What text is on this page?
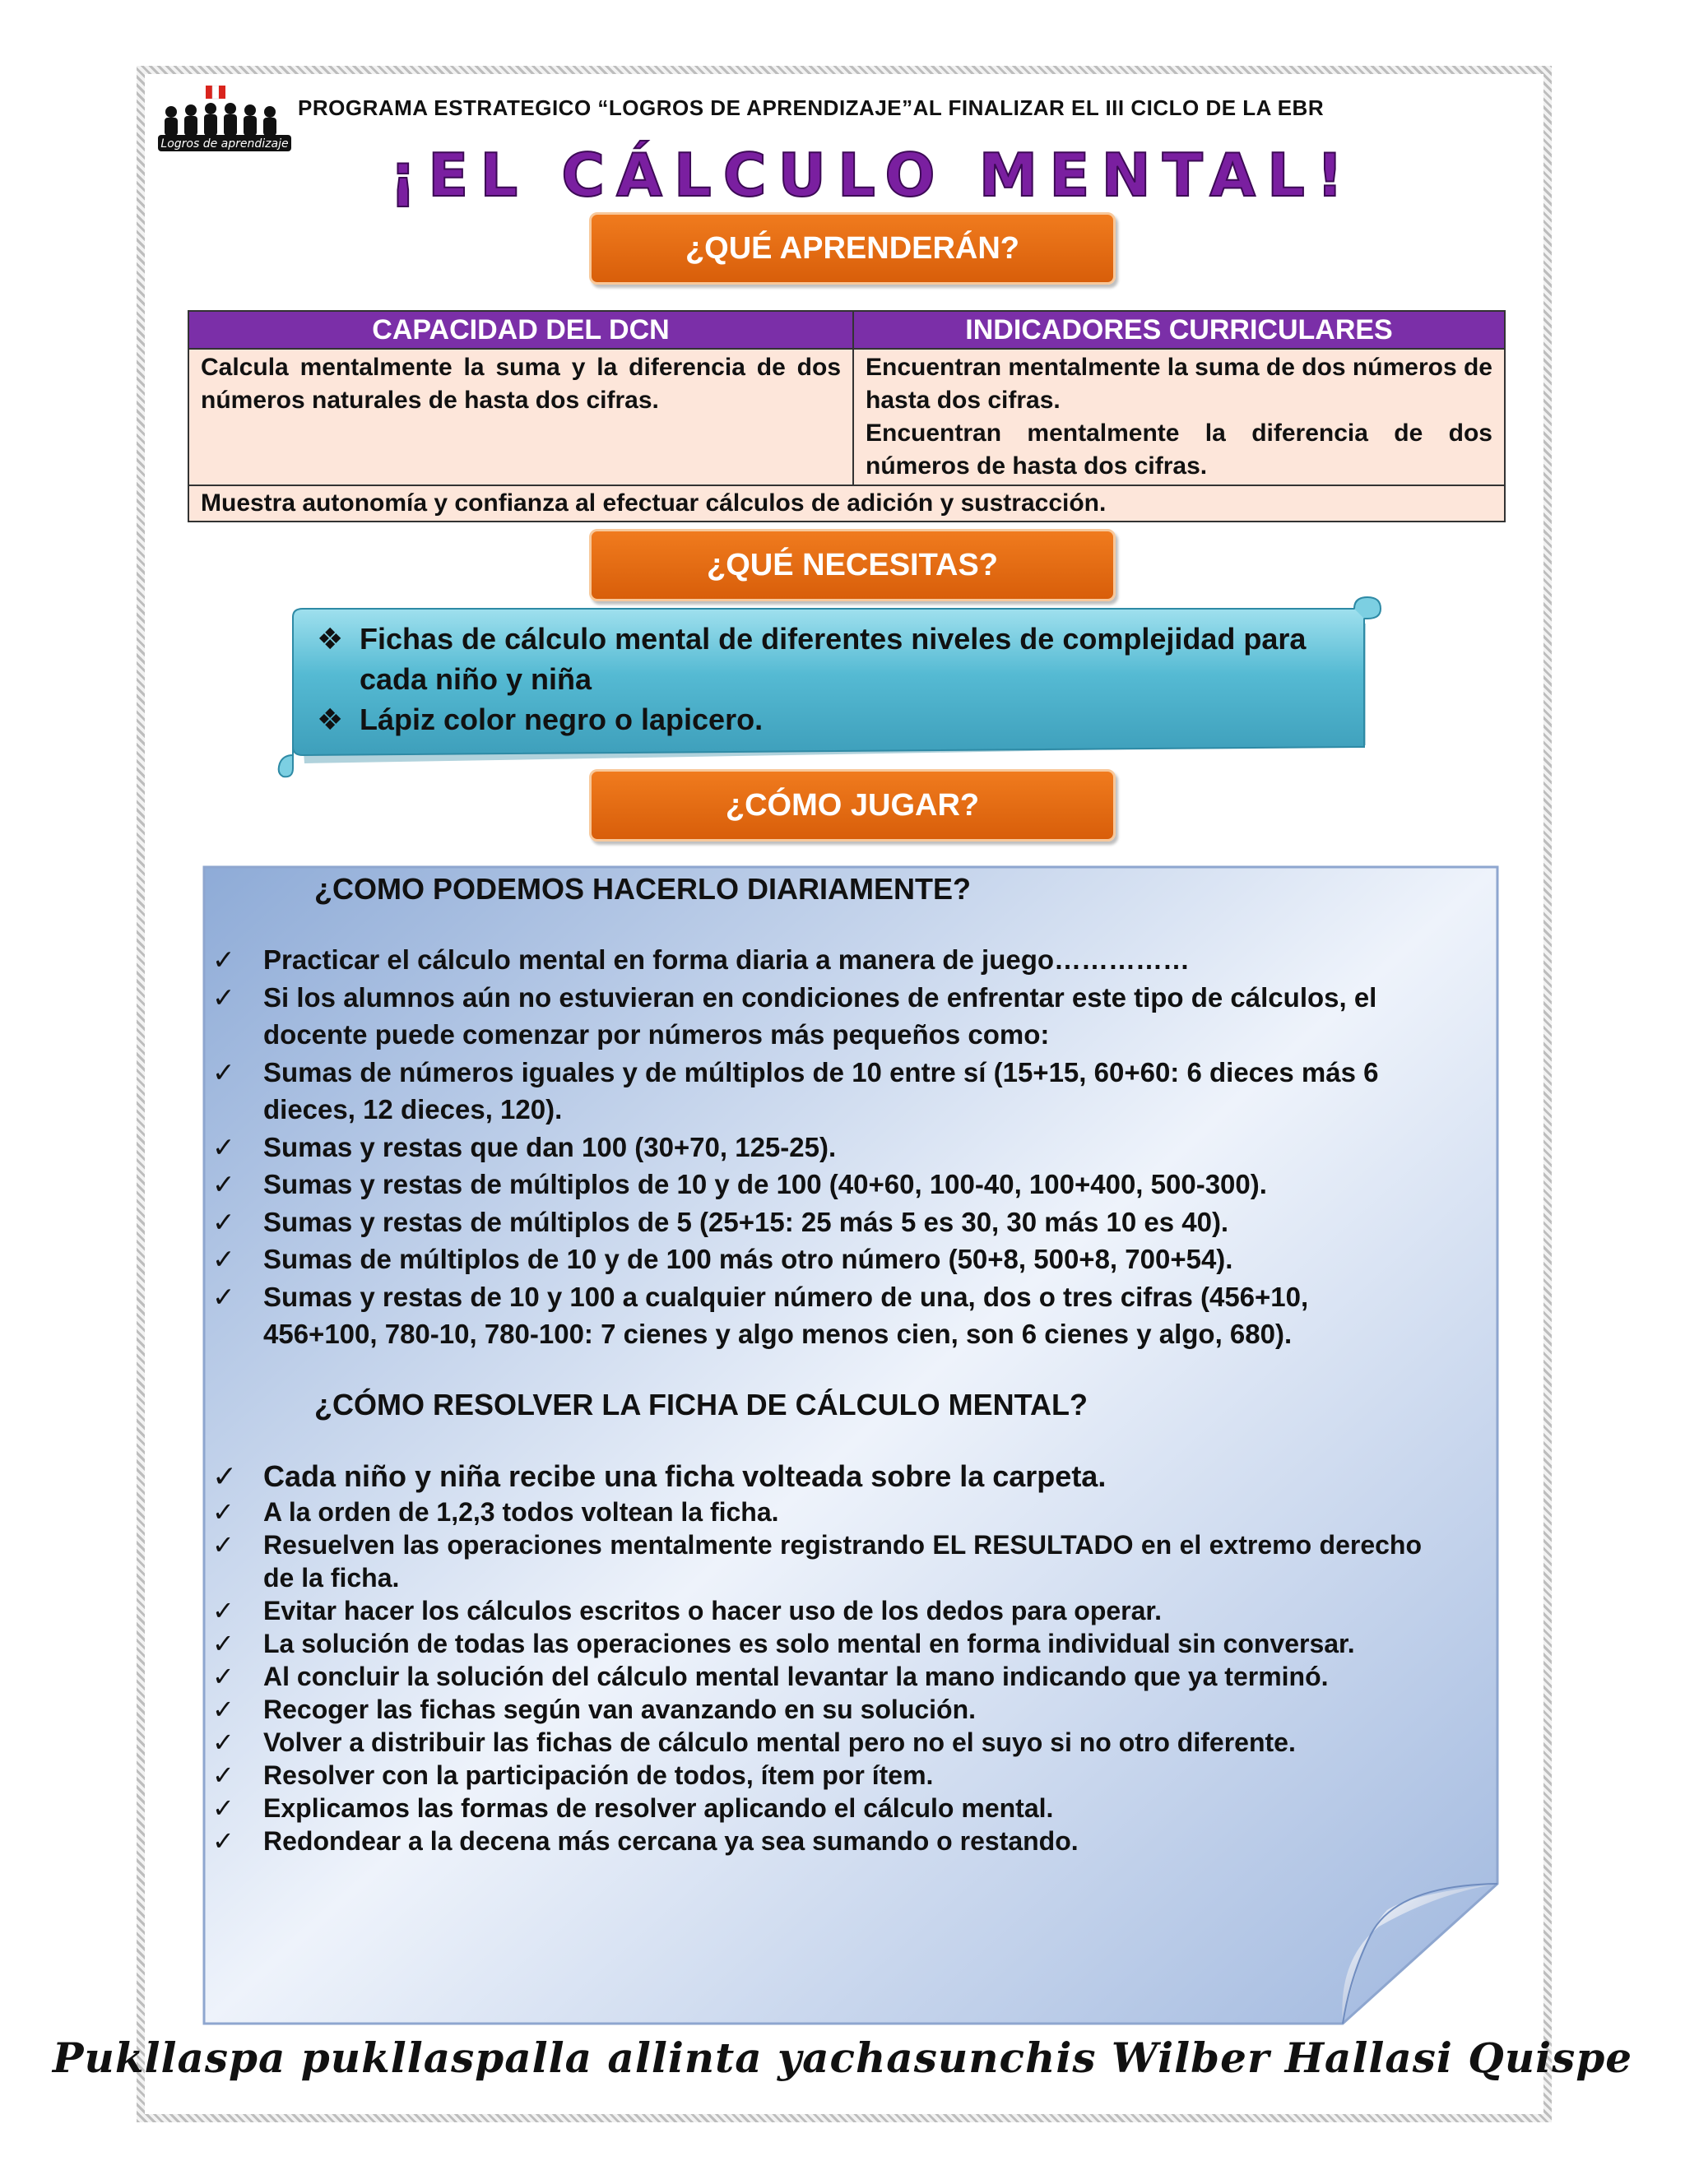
Logros de aprendizaje
PROGRAMA ESTRATEGICO “LOGROS DE APRENDIZAJE”AL FINALIZAR EL III CICLO DE LA EBR
¡EL CÁLCULO MENTAL!
¿QUÉ APRENDERÁN?
CAPACIDAD DEL DCN	INDICADORES CURRICULARES
Calcula mentalmente la suma y la diferencia de dos números naturales de hasta dos cifras.	Encuentran mentalmente la suma de dos números de hasta dos cifras.
Encuentran mentalmente la diferencia de dos números de hasta dos cifras.

Muestra autonomía y confianza al efectuar cálculos de adición y sustracción.	
¿QUÉ NECESITAS?
❖ Fichas de cálculo mental de diferentes niveles de complejidad para cada niño y niña
❖ Lápiz color negro o lapicero.
¿CÓMO JUGAR?
¿COMO PODEMOS HACERLO DIARIAMENTE?
✓ Practicar el cálculo mental en forma diaria a manera de juego……………
✓ Si los alumnos aún no estuvieran en condiciones de enfrentar este tipo de cálculos, el docente puede comenzar por números más pequeños como:
✓ Sumas de números iguales y de múltiplos de 10 entre sí (15+15, 60+60: 6 dieces más 6 dieces, 12 dieces, 120).
✓ Sumas y restas que dan 100 (30+70, 125-25).
✓ Sumas y restas de múltiplos de 10 y de 100 (40+60, 100-40, 100+400, 500-300).
✓ Sumas y restas de múltiplos de 5 (25+15: 25 más 5 es 30, 30 más 10 es 40).
✓ Sumas de múltiplos de 10 y de 100 más otro número (50+8, 500+8, 700+54).
✓ Sumas y restas de 10 y 100 a cualquier número de una, dos o tres cifras (456+10, 456+100, 780-10, 780-100: 7 cienes y algo menos cien, son 6 cienes y algo, 680).
¿CÓMO RESOLVER LA FICHA DE CÁLCULO MENTAL?
✓ Cada niño y niña recibe una ficha volteada sobre la carpeta.
✓ A la orden de 1,2,3 todos voltean la ficha.
✓ Resuelven las operaciones mentalmente registrando EL RESULTADO en el extremo derecho de la ficha.
✓ Evitar hacer los cálculos escritos o hacer uso de los dedos para operar.
✓ La solución de todas las operaciones es solo mental en forma individual sin conversar.
✓ Al concluir la solución del cálculo mental levantar la mano indicando que ya terminó.
✓ Recoger las fichas según van avanzando en su solución.
✓ Volver a distribuir las fichas de cálculo mental pero no el suyo si no otro diferente.
✓ Resolver con la participación de todos, ítem por ítem.
✓ Explicamos las formas de resolver aplicando el cálculo mental.
✓ Redondear a la decena más cercana ya sea sumando o restando.
Pukllaspa pukllaspalla allinta yachasunchis Wilber Hallasi Quispe
